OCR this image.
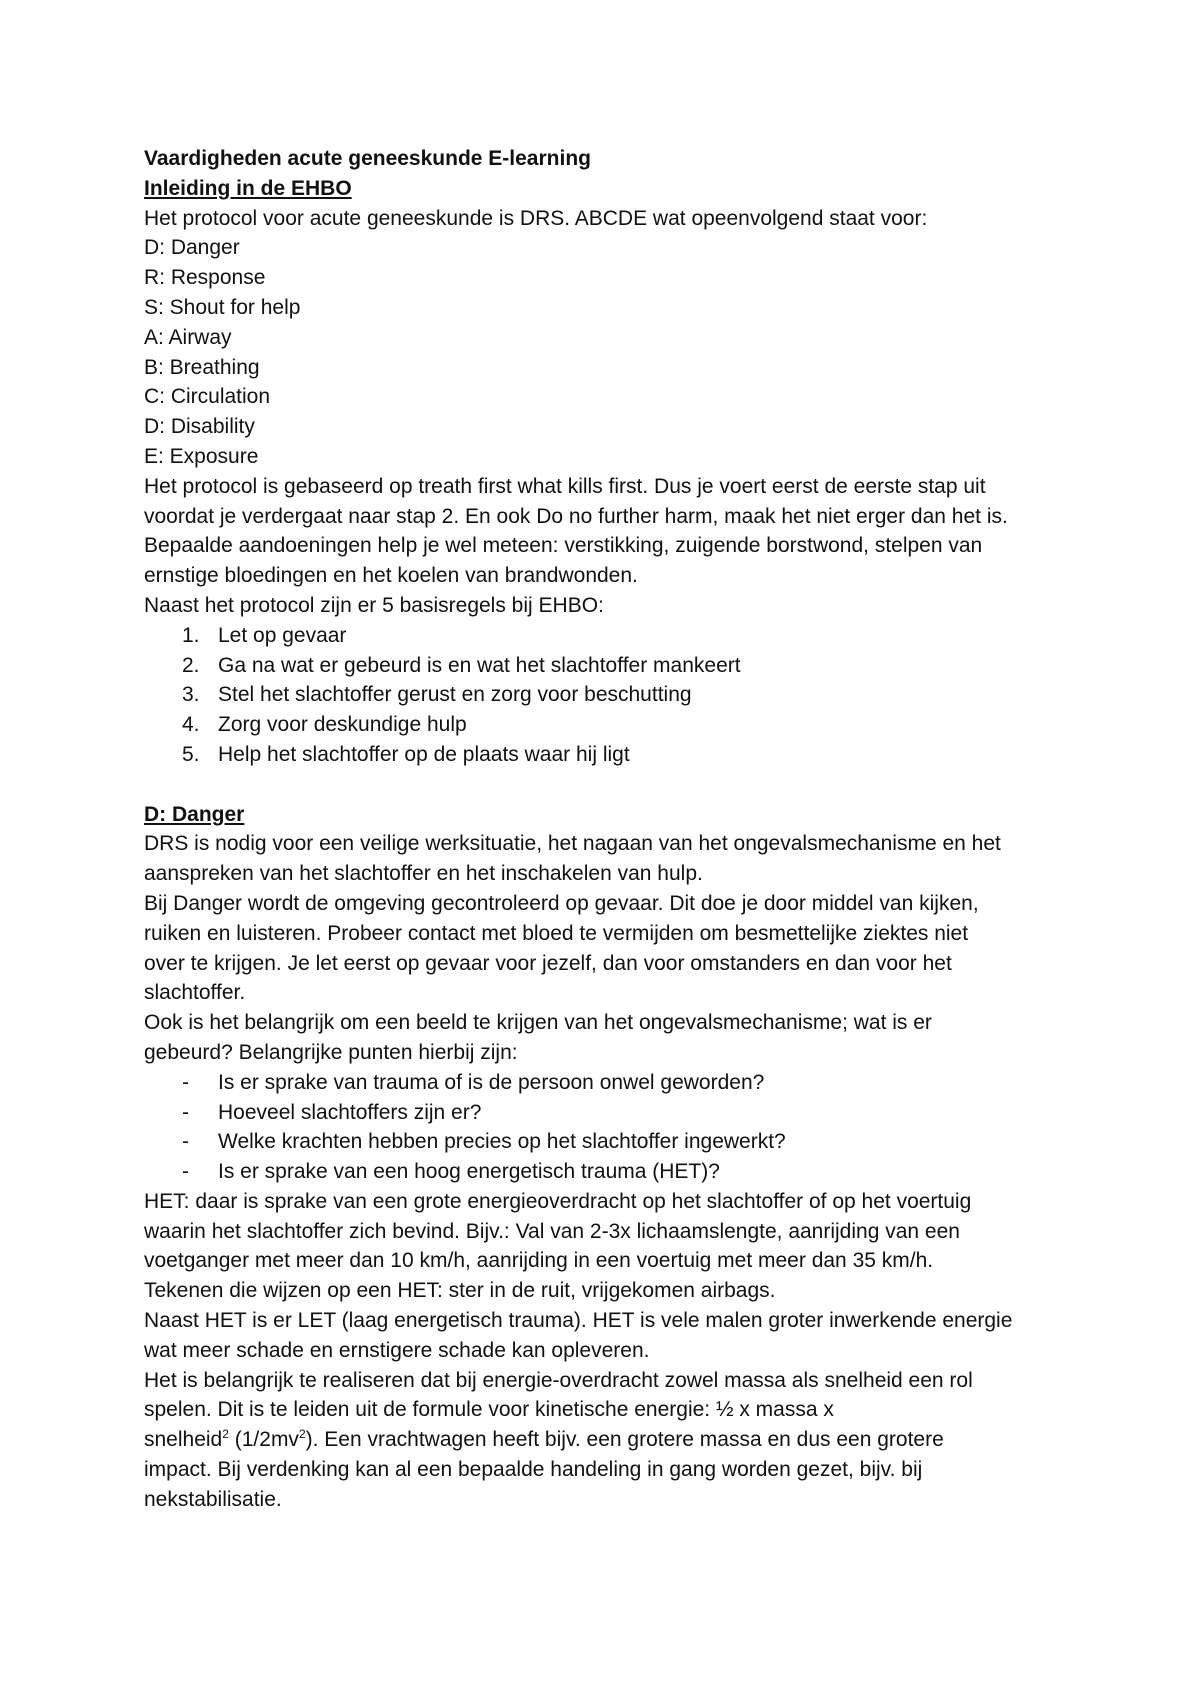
Vaardigheden acute geneeskunde E-learning
Inleiding in de EHBO
Het protocol voor acute geneeskunde is DRS. ABCDE wat opeenvolgend staat voor:
D: Danger
R: Response
S: Shout for help
A: Airway
B: Breathing
C: Circulation
D: Disability
E: Exposure
Het protocol is gebaseerd op treath first what kills first. Dus je voert eerst de eerste stap uit
voordat je verdergaat naar stap 2. En ook Do no further harm, maak het niet erger dan het is.
Bepaalde aandoeningen help je wel meteen: verstikking, zuigende borstwond, stelpen van
ernstige bloedingen en het koelen van brandwonden.
Naast het protocol zijn er 5 basisregels bij EHBO:
1. Let op gevaar
2. Ga na wat er gebeurd is en wat het slachtoffer mankeert
3. Stel het slachtoffer gerust en zorg voor beschutting
4. Zorg voor deskundige hulp
5. Help het slachtoffer op de plaats waar hij ligt
D: Danger
DRS is nodig voor een veilige werksituatie, het nagaan van het ongevalsmechanisme en het
aanspreken van het slachtoffer en het inschakelen van hulp.
Bij Danger wordt de omgeving gecontroleerd op gevaar. Dit doe je door middel van kijken,
ruiken en luisteren. Probeer contact met bloed te vermijden om besmettelijke ziektes niet
over te krijgen. Je let eerst op gevaar voor jezelf, dan voor omstanders en dan voor het
slachtoffer.
Ook is het belangrijk om een beeld te krijgen van het ongevalsmechanisme; wat is er
gebeurd? Belangrijke punten hierbij zijn:
- Is er sprake van trauma of is de persoon onwel geworden?
- Hoeveel slachtoffers zijn er?
- Welke krachten hebben precies op het slachtoffer ingewerkt?
- Is er sprake van een hoog energetisch trauma (HET)?
HET: daar is sprake van een grote energieoverdracht op het slachtoffer of op het voertuig
waarin het slachtoffer zich bevind. Bijv.: Val van 2-3x lichaamslengte, aanrijding van een
voetganger met meer dan 10 km/h, aanrijding in een voertuig met meer dan 35 km/h.
Tekenen die wijzen op een HET: ster in de ruit, vrijgekomen airbags.
Naast HET is er LET (laag energetisch trauma). HET is vele malen groter inwerkende energie
wat meer schade en ernstigere schade kan opleveren.
Het is belangrijk te realiseren dat bij energie-overdracht zowel massa als snelheid een rol
spelen. Dit is te leiden uit de formule voor kinetische energie: ½ x massa x
snelheid$^2$ $(1/2mv^2)$. Een vrachtwagen heeft bijv. een grotere massa en dus een grotere
impact. Bij verdenking kan al een bepaalde handeling in gang worden gezet, bijv. bij
nekstabilisatie.
